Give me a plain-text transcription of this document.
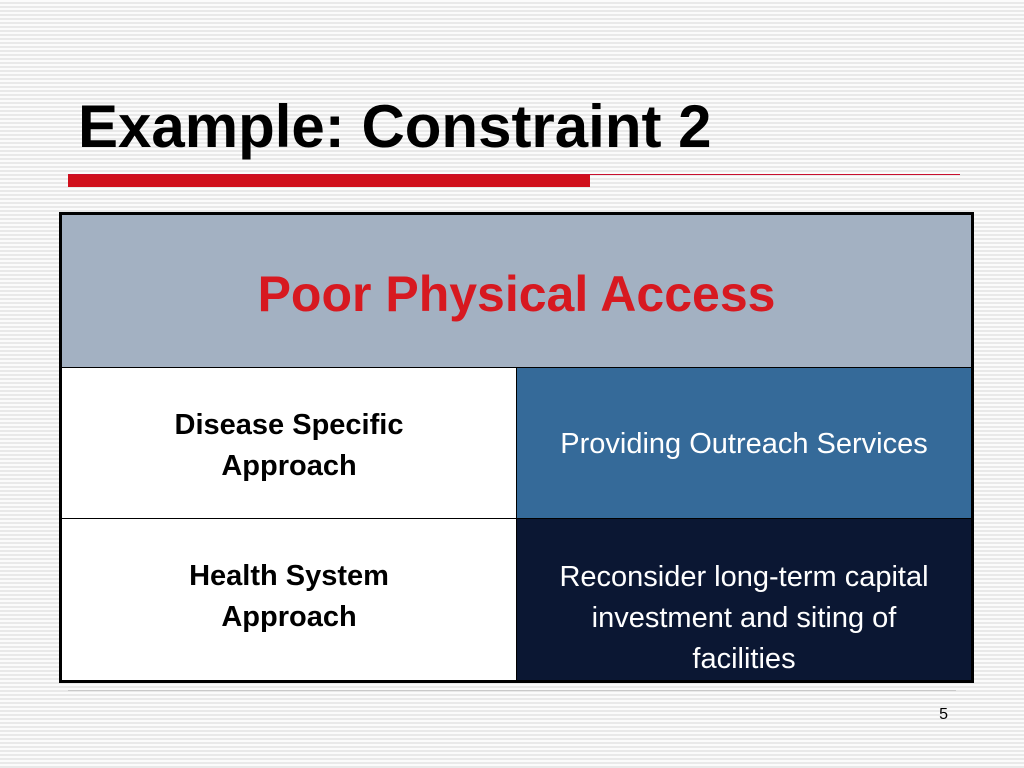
Example: Constraint 2
Poor Physical Access	

Disease Specific
Approach	Providing Outreach Services

Health System
Approach	Reconsider long-term capital
investment and siting of facilities
5
